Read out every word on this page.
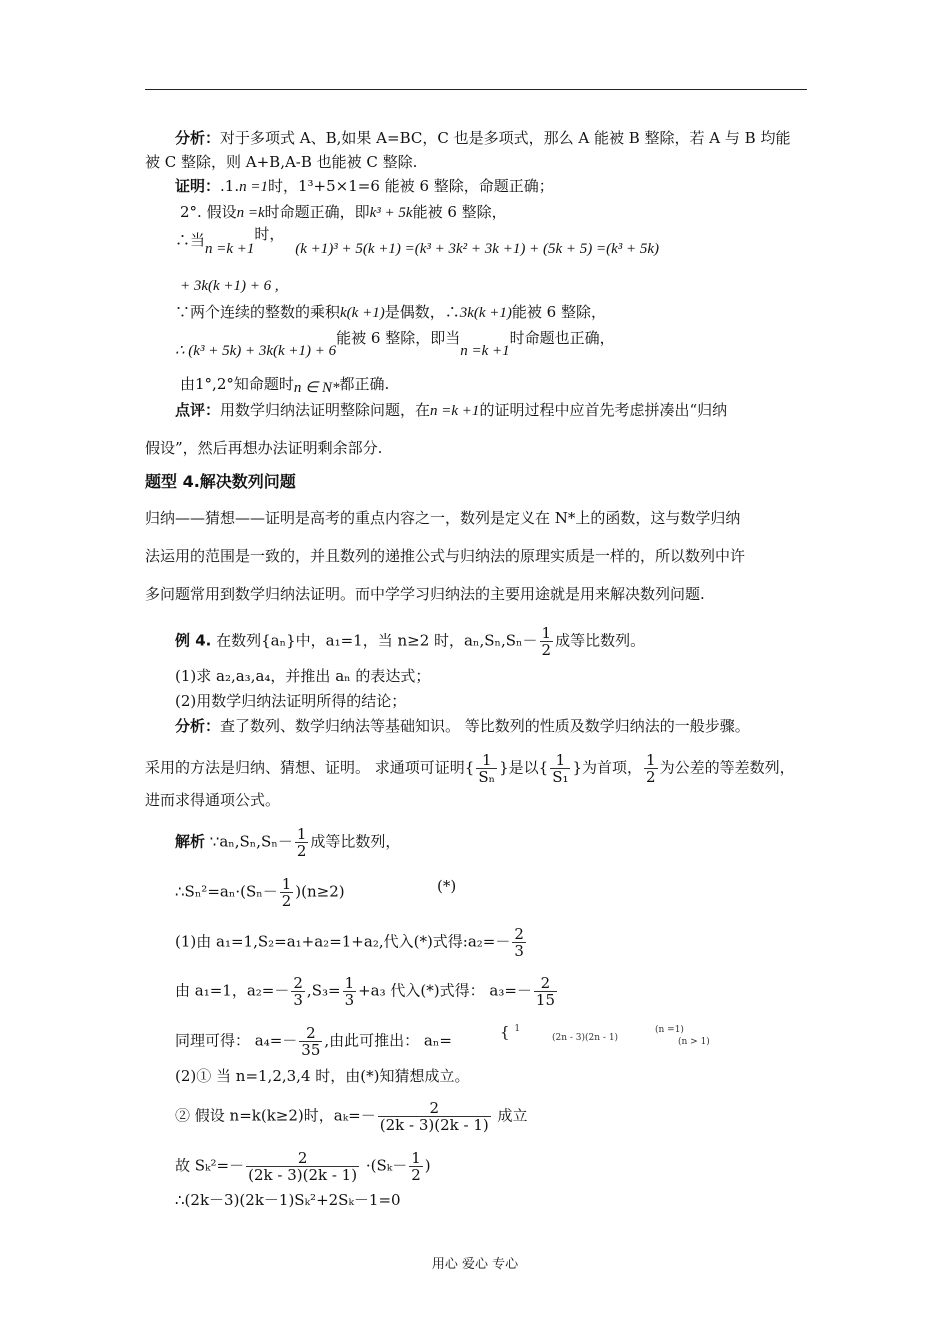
分析：对于多项式 A、B,如果 A=BC，C 也是多项式，那么 A 能被 B 整除，若 A 与 B 均能
被 C 整除，则 A+B,A-B 也能被 C 整除.
证明：.1.n =1时，1³+5×1=6 能被 6 整除，命题正确；
2°. 假设n =k时命题正确，即k³ + 5k能被 6 整除，
∴当n =k +1时， (k +1)³ + 5(k +1) =(k³ + 3k² + 3k +1) + (5k + 5) =(k³ + 5k)
+ 3k(k +1) + 6 ,
∵两个连续的整数的乘积k(k +1)是偶数，∴3k(k +1)能被 6 整除，
∴ (k³ + 5k) + 3k(k +1) + 6能被 6 整除，即当n =k +1时命题也正确，
由1°,2°知命题时n ∈ N*都正确.
点评：用数学归纳法证明整除问题，在n =k +1的证明过程中应首先考虑拼凑出“归纳
假设”，然后再想办法证明剩余部分.
题型 4.解决数列问题
归纳——猜想——证明是高考的重点内容之一，数列是定义在 N*上的函数，这与数学归纳
法运用的范围是一致的，并且数列的递推公式与归纳法的原理实质是一样的，所以数列中许
多问题常用到数学归纳法证明。而中学学习归纳法的主要用途就是用来解决数列问题.
例 4. 在数列{aₙ}中，a₁=1，当 n≥2 时，$a_n,S_n,S_n- \frac{1}{2}$ 成等比数列。
(1)求 a₂,a₃,a₄，并推出 aₙ 的表达式；
(2)用数学归纳法证明所得的结论；
分析：查了数列、数学归纳法等基础知识。 等比数列的性质及数学归纳法的一般步骤。
采用的方法是归纳、猜想、证明。 求通项可证明{ $\frac{1}{\text{Sₙ}}$ }是以{ $\frac{1}{\text{S₁}}$ }为首项， $\frac{1}{2}$ 为公差的等差数列，
进而求得通项公式。
解析 ∵aₙ,Sₙ,Sₙ－ $\frac{1}{2}$ 成等比数列，
∴Sₙ²=aₙ·(Sₙ－ $\frac{1}{2} )(n\ge 2)$	(*)
(1)由 a₁=1,S₂=a₁+a₂=1+a₂,代入(*)式得:a₂=－ $\frac{2}{3}$
由 a₁=1，$a_2=- \frac{2}{3} ,S_3= \frac{1}{3} +a_3$ 代入(*)式得： $a_3=- \frac{2}{15}$
同理可得： $a_4=- \frac{2}{35}$ ,由此可推出： aₙ=	{ $^1$
(2n - 3)(2n - 1)
(n =1)
(n > 1)
(2)① 当 n=1,2,3,4 时，由(*)知猜想成立。
② 假设 n=k(k≥2)时，$a_k=- \frac{2}{(2k - 3)(2k - 1)}$ 成立
故 $S_k^2=- \frac{2}{(2k - 3)(2k - 1)} \cdot(S_k- \frac{1}{2}$ )
∴(2k－3)(2k－1)Sₖ²+2Sₖ－1=0
用心 爱心 专心
